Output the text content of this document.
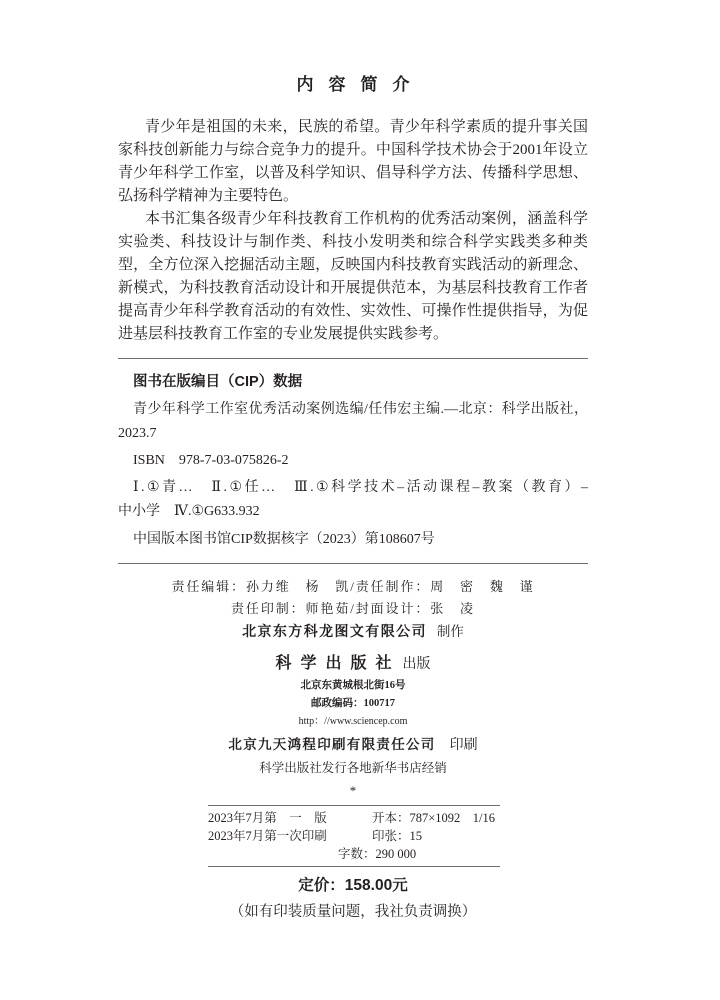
内容简介
青少年是祖国的未来，民族的希望。青少年科学素质的提升事关国
家科技创新能力与综合竞争力的提升。中国科学技术协会于2001年设立
青少年科学工作室，以普及科学知识、倡导科学方法、传播科学思想、
弘扬科学精神为主要特色。
本书汇集各级青少年科技教育工作机构的优秀活动案例，涵盖科学
实验类、科技设计与制作类、科技小发明类和综合科学实践类多种类
型，全方位深入挖掘活动主题，反映国内科技教育实践活动的新理念、
新模式，为科技教育活动设计和开展提供范本，为基层科技教育工作者
提高青少年科学教育活动的有效性、实效性、可操作性提供指导，为促
进基层科技教育工作室的专业发展提供实践参考。
图书在版编目（CIP）数据
青少年科学工作室优秀活动案例选编/任伟宏主编.—北京：科学出版社，
2023.7
ISBN　978-7-03-075826-2
Ⅰ.①青…　Ⅱ.①任…　Ⅲ.①科学技术–活动课程–教案（教育）–
中小学　Ⅳ.①G633.932
中国版本图书馆CIP数据核字（2023）第108607号
责任编辑：孙力维　杨　凯/责任制作：周　密　魏　谨
责任印制：师艳茹/封面设计：张　凌
北京东方科龙图文有限公司 制作
科学出版社 出版
北京东黄城根北街16号
邮政编码：100717
http：//www.sciencep.com
北京九天鸿程印刷有限责任公司 印刷
科学出版社发行各地新华书店经销
*
2023年7月第　一　版	开本：787×1092　1/16
2023年7月第一次印刷	印张：15
字数：290 000
定价：158.00元
（如有印装质量问题，我社负责调换）
